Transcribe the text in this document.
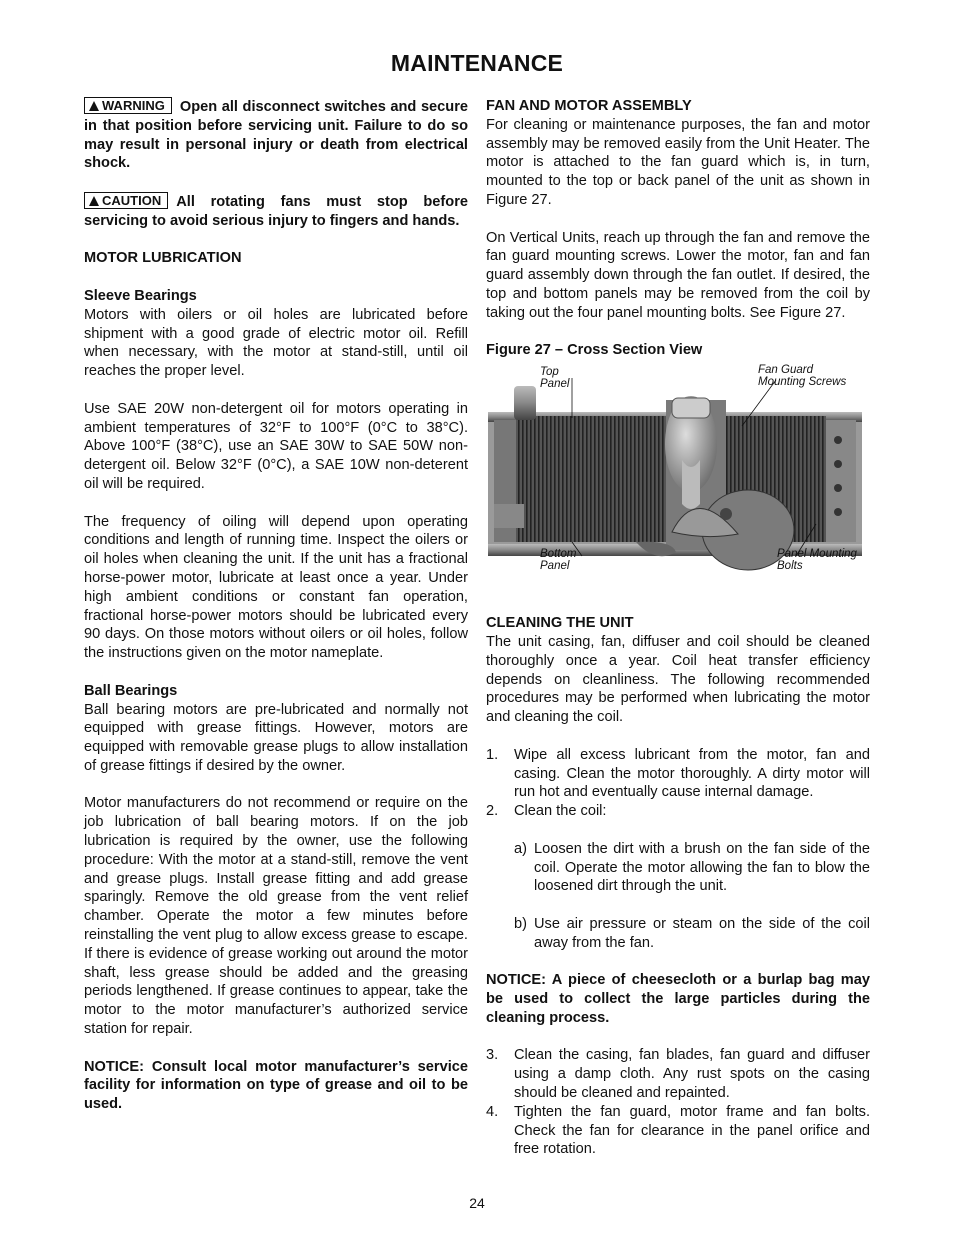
MAINTENANCE

WARNING Open all disconnect switches and secure in that position before servicing unit. Failure to do so may result in personal injury or death from electrical shock.

CAUTION All rotating fans must stop before servicing to avoid serious injury to fingers and hands.

MOTOR LUBRICATION

Sleeve Bearings

Motors with oilers or oil holes are lubricated before shipment with a good grade of electric motor oil. Refill when necessary, with the motor at stand-still, until oil reaches the proper level.

Use SAE 20W non-detergent oil for motors operating in ambient temperatures of 32°F to 100°F (0°C to 38°C). Above 100°F (38°C), use an SAE 30W to SAE 50W non-detergent oil. Below 32°F (0°C), a SAE 10W non-deterent oil will be required.

The frequency of oiling will depend upon operating conditions and length of running time. Inspect the oilers or oil holes when cleaning the unit. If the unit has a fractional horse-power motor, lubricate at least once a year. Under high ambient conditions or constant fan operation, fractional horse-power motors should be lubricated every 90 days. On those motors without oilers or oil holes, follow the instructions given on the motor nameplate.

Ball Bearings

Ball bearing motors are pre-lubricated and normally not equipped with grease fittings. However, motors are equipped with removable grease plugs to allow installation of grease fittings if desired by the owner.

Motor manufacturers do not recommend or require on the job lubrication of ball bearing motors. If on the job lubrication is required by the owner, use the following procedure: With the motor at a stand-still, remove the vent and grease plugs. Install grease fitting and add grease sparingly. Remove the old grease from the vent relief chamber. Operate the motor a few minutes before reinstalling the vent plug to allow excess grease to escape. If there is evidence of grease working out around the motor shaft, less grease should be added and the greasing periods lengthened. If grease continues to appear, take the motor to the motor manufacturer’s authorized service station for repair.

NOTICE: Consult local motor manufacturer’s service facility for information on type of grease and oil to be used.

FAN AND MOTOR ASSEMBLY

For cleaning or maintenance purposes, the fan and motor assembly may be removed easily from the Unit Heater. The motor is attached to the fan guard which is, in turn, mounted to the top or back panel of the unit as shown in Figure 27.

On Vertical Units, reach up through the fan and remove the fan guard mounting screws. Lower the motor, fan and fan guard assembly down through the fan outlet. If desired, the top and bottom panels may be removed from the coil by taking out the four panel mounting bolts. See Figure 27.

Figure 27 – Cross Section View
Top
Panel
Fan Guard
Mounting Screws
Bottom
Panel
Panel Mounting
Bolts
CLEANING THE UNIT

The unit casing, fan, diffuser and coil should be cleaned thoroughly once a year. Coil heat transfer efficiency depends on cleanliness. The following recommended procedures may be performed when lubricating the motor and cleaning the coil.

1. Wipe all excess lubricant from the motor, fan and casing. Clean the motor thoroughly. A dirty motor will run hot and eventually cause internal damage.
2. Clean the coil:
a) Loosen the dirt with a brush on the fan side of the coil. Operate the motor allowing the fan to blow the loosened dirt through the unit.
b) Use air pressure or steam on the side of the coil away from the fan.

NOTICE: A piece of cheesecloth or a burlap bag may be used to collect the large particles during the cleaning process.

3. Clean the casing, fan blades, fan guard and diffuser using a damp cloth. Any rust spots on the casing should be cleaned and repainted.
4. Tighten the fan guard, motor frame and fan bolts. Check the fan for clearance in the panel orifice and free rotation.
24
